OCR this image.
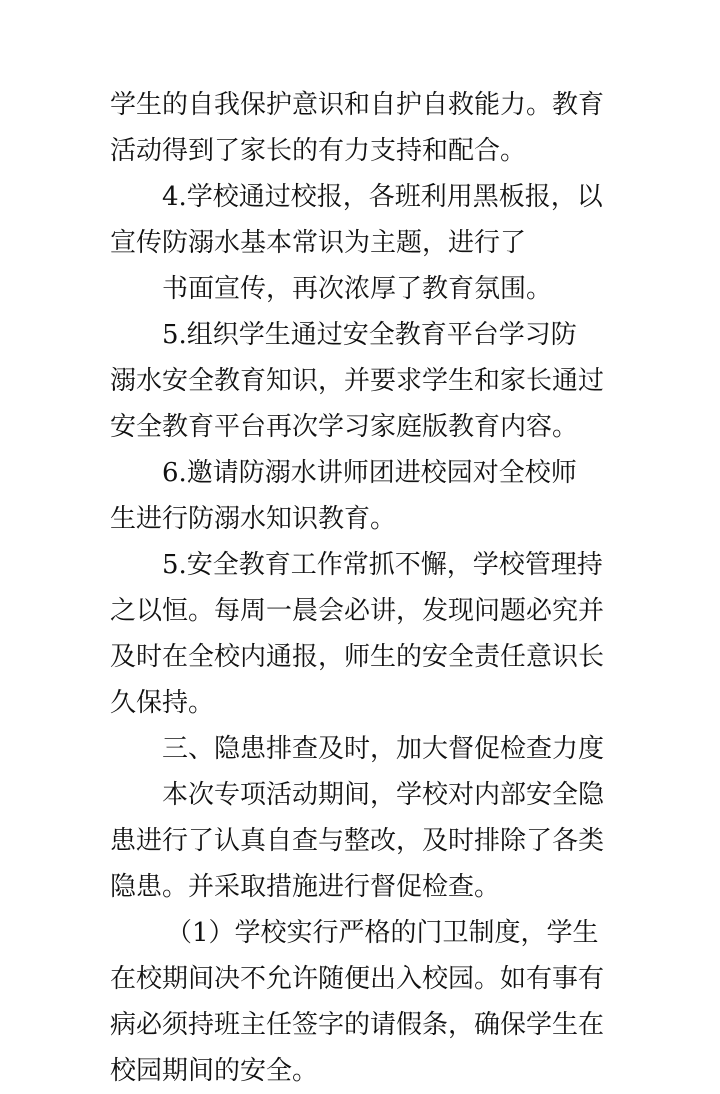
学生的自我保护意识和自护自救能力。教育
活动得到了家长的有力支持和配合。
4.学校通过校报，各班利用黑板报，以
宣传防溺水基本常识为主题，进行了
书面宣传，再次浓厚了教育氛围。
5.组织学生通过安全教育平台学习防
溺水安全教育知识，并要求学生和家长通过
安全教育平台再次学习家庭版教育内容。
6.邀请防溺水讲师团进校园对全校师
生进行防溺水知识教育。
5.安全教育工作常抓不懈，学校管理持
之以恒。每周一晨会必讲，发现问题必究并
及时在全校内通报，师生的安全责任意识长
久保持。
三、隐患排查及时，加大督促检查力度
本次专项活动期间，学校对内部安全隐
患进行了认真自查与整改，及时排除了各类
隐患。并采取措施进行督促检查。
（1）学校实行严格的门卫制度，学生
在校期间决不允许随便出入校园。如有事有
病必须持班主任签字的请假条，确保学生在
校园期间的安全。
